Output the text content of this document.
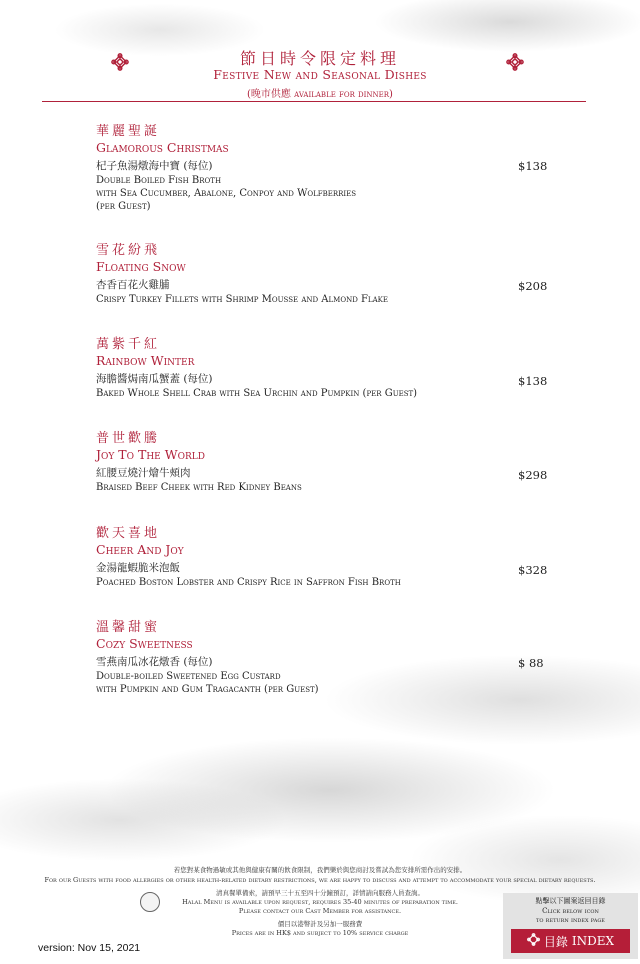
節日時令限定料理
Festive New and Seasonal Dishes
(晚市供應 available for dinner)
華麗聖誕
Glamorous Christmas
杞子魚湯燉海中寶 (每位)
Double Boiled Fish Broth
with Sea Cucumber, Abalone, Conpoy and Wolfberries
(per Guest)
$138
雪花紛飛
Floating Snow
杏香百花火雞脯
Crispy Turkey Fillets with Shrimp Mousse and Almond Flake
$208
萬紫千紅
Rainbow Winter
海膽醬焗南瓜蟹蓋 (每位)
Baked Whole Shell Crab with Sea Urchin and Pumpkin (per Guest)
$138
普世歡騰
Joy To The World
紅腰豆燒汁燴牛頰肉
Braised Beef Cheek with Red Kidney Beans
$298
歡天喜地
Cheer And Joy
金湯龍蝦脆米泡飯
Poached Boston Lobster and Crispy Rice in Saffron Fish Broth
$328
溫馨甜蜜
Cozy Sweetness
雪燕南瓜冰花燉香 (每位)
Double-boiled Sweetened Egg Custard
with Pumpkin and Gum Tragacanth (per Guest)
$ 88
若您對某食物過敏或其他與健康有關的飲食限制，我們樂於與您商討及嘗試為您安排所需作出的安排。
For our Guests with food allergies or other health-related dietary restrictions, we are happy to discuss and attempt to accommodate your special dietary requests.
清真餐單備索，請預早三十五至四十分鐘預訂，詳情請向服務人員查詢。
Halal Menu is available upon request, requires 35-40 minutes of preparation time.
Please contact our Cast Member for assistance.
價目以港幣計及另加一服務費
Prices are in HK$ and subject to 10% service charge
version: Nov 15, 2021
點擊以下圖案返回目錄
Click below icon
to return index page
目錄 INDEX
